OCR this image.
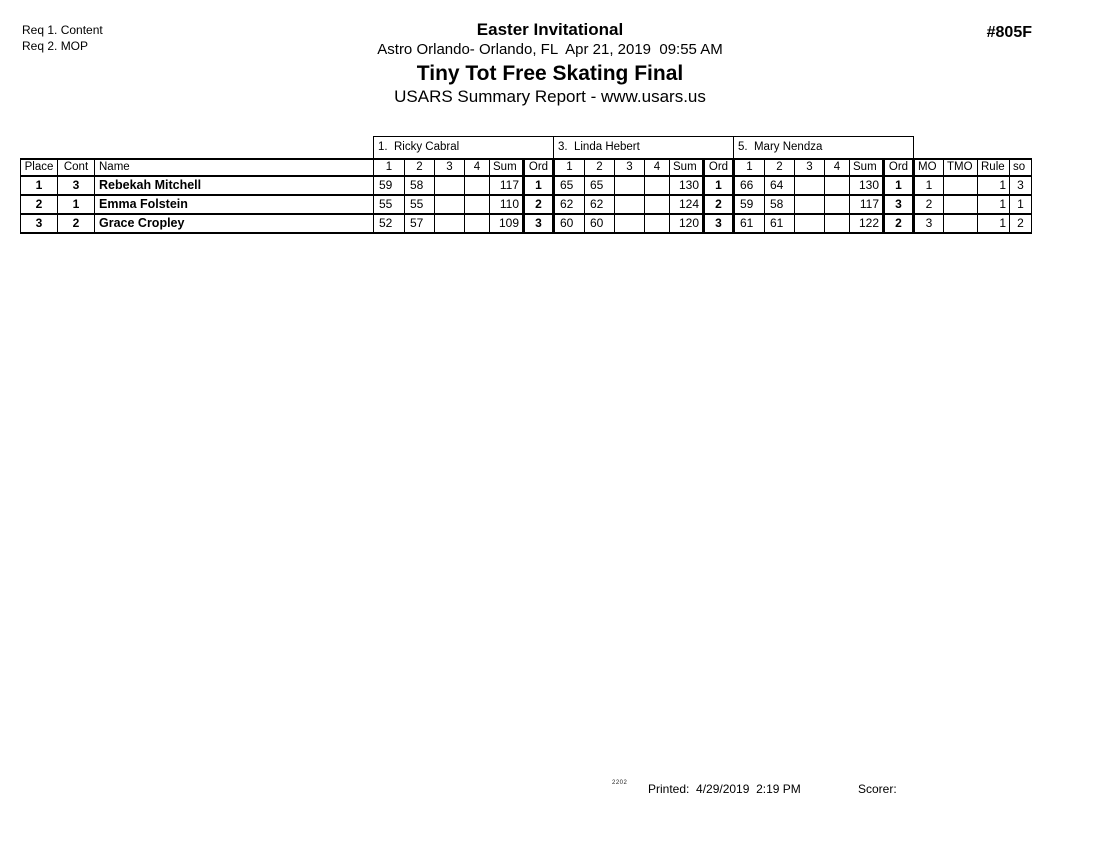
Req 1. Content
Req 2. MOP
Easter Invitational
Astro Orlando- Orlando, FL  Apr 21, 2019  09:55 AM
Tiny Tot Free Skating Final
USARS Summary Report - www.usars.us
#805F
			1.  Ricky Cabral						3.  Linda Hebert						5.  Mary Nendza									
Place	Cont	Name	1	2	3	4	Sum	Ord	1	2	3	4	Sum	Ord	1	2	3	4	Sum	Ord	MO	TMO	Rule	so
1	3	Rebekah Mitchell	59	58			117	1	65	65			130	1	66	64			130	1	1		1	3
2	1	Emma Folstein	55	55			110	2	62	62			124	2	59	58			117	3	2		1	1
3	2	Grace Cropley	52	57			109	3	60	60			120	3	61	61			122	2	3		1	2
2202 Printed:  4/29/2019  2:19 PM	Scorer:
